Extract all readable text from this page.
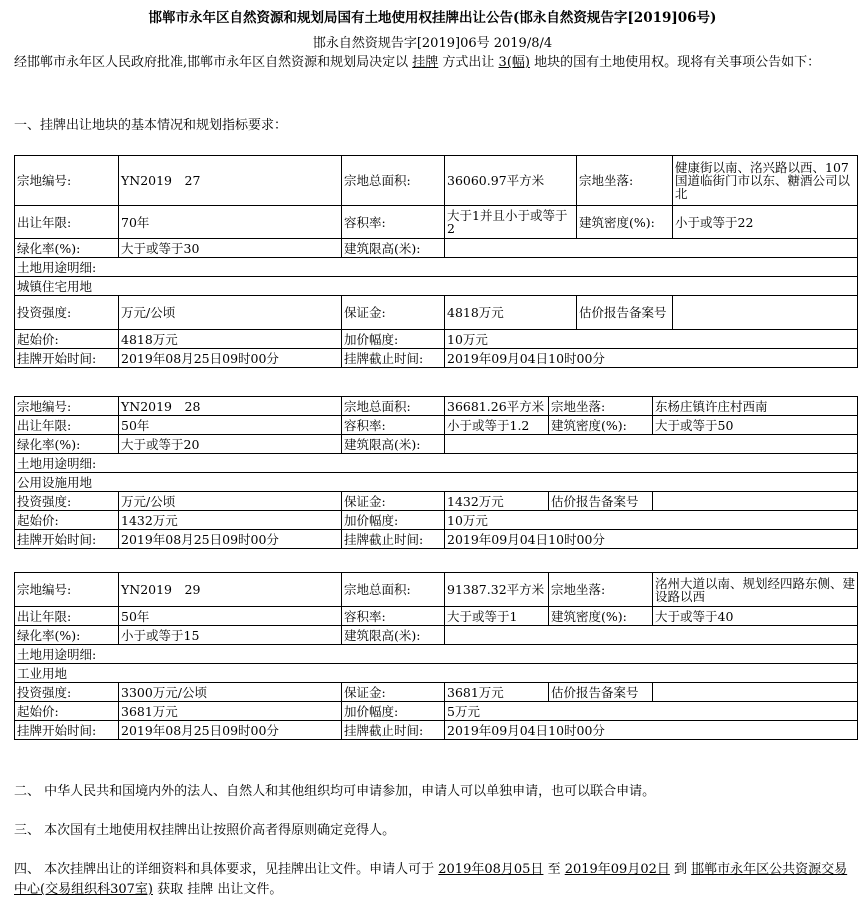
邯郸市永年区自然资源和规划局国有土地使用权挂牌出让公告(邯永自然资规告字[2019]06号)
邯永自然资规告字[2019]06号 2019/8/4
经邯郸市永年区人民政府批准,邯郸市永年区自然资源和规划局决定以 挂牌 方式出让 3(幅) 地块的国有土地使用权。现将有关事项公告如下：
一、挂牌出让地块的基本情况和规划指标要求：
宗地编号:	YN2019　27	宗地总面积:	36060.97平方米	宗地坐落:	健康街以南、洺兴路以西、107国道临街门市以东、糖酒公司以北
出让年限:	70年	容积率:	大于1并且小于或等于2	建筑密度(%):	小于或等于22
绿化率(%):	大于或等于30	建筑限高(米):			
土地用途明细:					
城镇住宅用地					
投资强度:	万元/公顷	保证金:	4818万元	估价报告备案号	
起始价:	4818万元	加价幅度:	10万元		
挂牌开始时间:	2019年08月25日09时00分	挂牌截止时间:	2019年09月04日10时00分		
宗地编号:	YN2019　28	宗地总面积:	36681.26平方米	宗地坐落:	东杨庄镇许庄村西南
出让年限:	50年	容积率:	小于或等于1.2	建筑密度(%):	大于或等于50
绿化率(%):	大于或等于20	建筑限高(米):			
土地用途明细:					
公用设施用地					
投资强度:	万元/公顷	保证金:	1432万元	估价报告备案号	
起始价:	1432万元	加价幅度:	10万元		
挂牌开始时间:	2019年08月25日09时00分	挂牌截止时间:	2019年09月04日10时00分		
宗地编号:	YN2019　29	宗地总面积:	91387.32平方米	宗地坐落:	洺州大道以南、规划经四路东侧、建设路以西
出让年限:	50年	容积率:	大于或等于1	建筑密度(%):	大于或等于40
绿化率(%):	小于或等于15	建筑限高(米):			
土地用途明细:					
工业用地					
投资强度:	3300万元/公顷	保证金:	3681万元	估价报告备案号	
起始价:	3681万元	加价幅度:	5万元		
挂牌开始时间:	2019年08月25日09时00分	挂牌截止时间:	2019年09月04日10时00分		
二、 中华人民共和国境内外的法人、自然人和其他组织均可申请参加，申请人可以单独申请，也可以联合申请。
三、 本次国有土地使用权挂牌出让按照价高者得原则确定竞得人。
四、 本次挂牌出让的详细资料和具体要求，见挂牌出让文件。申请人可于 2019年08月05日 至 2019年09月02日 到 邯郸市永年区公共资源交易中心(交易组织科307室) 获取 挂牌 出让文件。
